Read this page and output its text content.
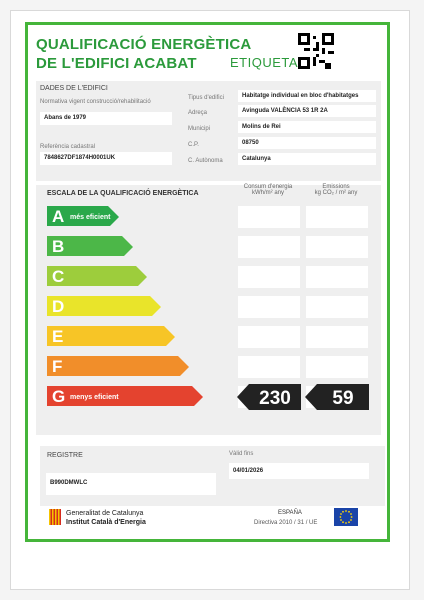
QUALIFICACIÓ ENERGÈTICA
DE L'EDIFICI ACABAT	ETIQUETA
DADES DE L'EDIFICI
Normativa vigent construcció/rehabilitació
Abans de 1979
Referència cadastral
7848627DF1874H0001UK
Tipus d'edifici	Habitatge individual en bloc d'habitatges
Adreça	Avinguda VALÈNCIA 53 1R 2A
Municipi	Molins de Rei
C.P.	08750
C. Autònoma	Catalunya
ESCALA DE LA QUALIFICACIÓ ENERGÈTICA
Consum d'energia
kWh/m² any
Emissions
kg CO₂ / m² any
A més eficient
B
C
D
E
F
G menys eficient	230 59
REGISTRE
B990DMWLC
Vàlid fins
04/01/2026
Generalitat de Catalunya
Institut Català d'Energia
ESPAÑA
Directiva 2010 / 31 / UE
